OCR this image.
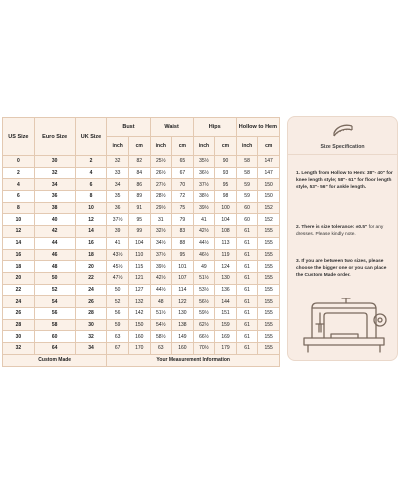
US Size	Euro Size	UK Size	Bust		Waist		Hips		Hollow to Hem	
			inch	cm	inch	cm	inch	cm	inch	cm
0	30	2	32	82	25½	65	35½	90	58	147
2	32	4	33	84	26½	67	36½	93	58	147
4	34	6	34	86	27½	70	37½	95	59	150
6	36	8	35	89	28½	72	38½	98	59	150
8	38	10	36	91	29½	75	39½	100	60	152
10	40	12	37½	95	31	79	41	104	60	152
12	42	14	39	99	32½	83	42½	108	61	155
14	44	16	41	104	34½	88	44½	113	61	155
16	46	18	43½	110	37½	95	46½	119	61	155
18	48	20	45½	115	39½	101	49	124	61	155
20	50	22	47½	121	42½	107	51½	130	61	155
22	52	24	50	127	44½	114	53½	136	61	155
24	54	26	52	132	48	122	56½	144	61	155
26	56	28	56	142	51½	130	59½	151	61	155
28	58	30	59	150	54½	138	62½	159	61	155
30	60	32	63	160	58½	149	66½	169	61	155
32	64	34	67	170	63	160	70½	179	61	155
Custom Made			Your Measurement Information							
Size Specification
1. Length from Hollow to Hem: 38"- 40" for knee length style; 58"- 61" for floor length style, 53"- 56" for ankle length.
2. There is size tolerance: ±0.5" for any dresses. Please kindly note.
3. If you are between two sizes, please choose the bigger one or you can place the Custom Made order.
